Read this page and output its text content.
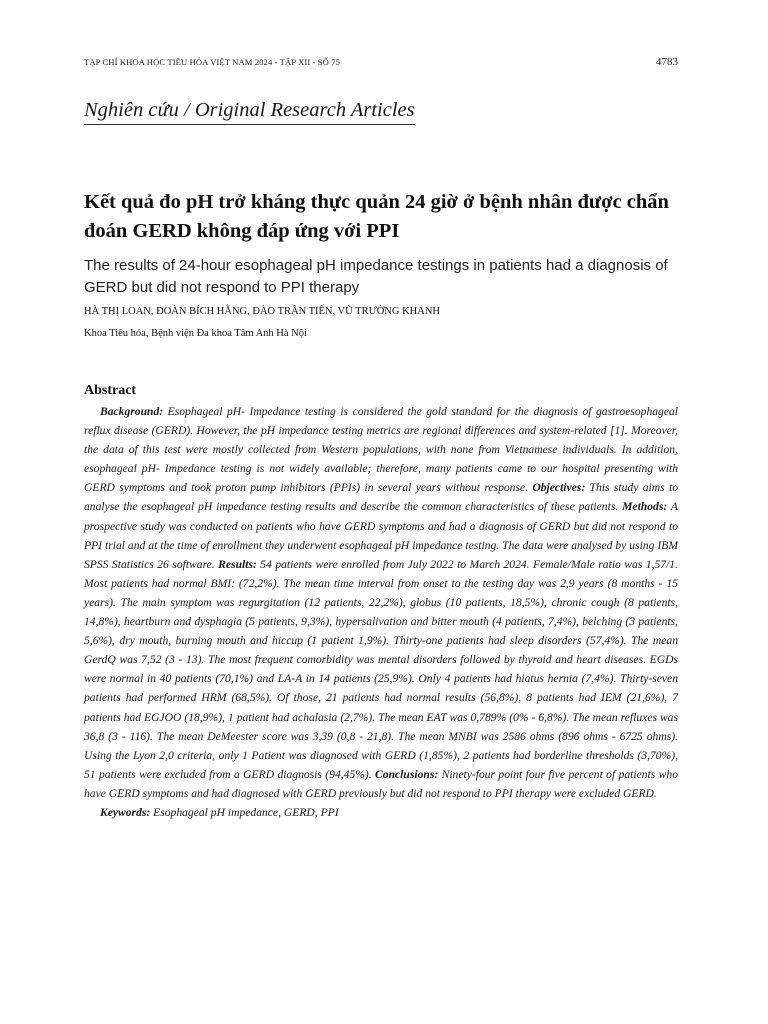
TẠP CHÍ KHOA HỌC TIÊU HÓA VIỆT NAM 2024 - TẬP XII - SỐ 75	4783
Nghiên cứu / Original Research Articles
Kết quả đo pH trở kháng thực quản 24 giờ ở bệnh nhân được chẩn đoán GERD không đáp ứng với PPI
The results of 24-hour esophageal pH impedance testings in patients had a diagnosis of GERD but did not respond to PPI therapy
HÀ THỊ LOAN, ĐOÀN BÍCH HẰNG, ĐÀO TRẦN TIẾN, VŨ TRƯỜNG KHANH
Khoa Tiêu hóa, Bệnh viện Đa khoa Tâm Anh Hà Nội
Abstract

Background: Esophageal pH- Impedance testing is considered the gold standard for the diagnosis of gastroesophageal reflux disease (GERD). However, the pH impedance testing metrics are regional differences and system-related [1]. Moreover, the data of this test were mostly collected from Western populations, with none from Vietnamese individuals. In addition, esophageal pH- Impedance testing is not widely available; therefore, many patients came to our hospital presenting with GERD symptoms and took proton pump inhibitors (PPIs) in several years without response. Objectives: This study aims to analyse the esophageal pH impedance testing results and describe the common characteristics of these patients. Methods: A prospective study was conducted on patients who have GERD symptoms and had a diagnosis of GERD but did not respond to PPI trial and at the time of enrollment they underwent esophageal pH impedance testing. The data were analysed by using IBM SPSS Statistics 26 software. Results: 54 patients were enrolled from July 2022 to March 2024. Female/Male ratio was 1,57/1. Most patients had normal BMI: (72,2%). The mean time interval from onset to the testing day was 2,9 years (8 months - 15 years). The main symptom was regurgitation (12 patients, 22,2%), globus (10 patients, 18,5%), chronic cough (8 patients, 14,8%), heartburn and dysphagia (5 patients, 9,3%), hypersalivation and bitter mouth (4 patients, 7,4%), belching (3 patients, 5,6%), dry mouth, burning mouth and hiccup (1 patient 1,9%). Thirty-one patients had sleep disorders (57,4%). The mean GerdQ was 7,52 (3 - 13). The most frequent comorbidity was mental disorders followed by thyroid and heart diseases. EGDs were normal in 40 patients (70,1%) and LA-A in 14 patients (25,9%). Only 4 patients had hiatus hernia (7,4%). Thirty-seven patients had performed HRM (68,5%). Of those, 21 patients had normal results (56,8%), 8 patients had IEM (21,6%), 7 patients had EGJOO (18,9%), 1 patient had achalasia (2,7%). The mean EAT was 0,789% (0% - 6,8%). The mean refluxes was 36,8 (3 - 116). The mean DeMeester score was 3,39 (0,8 - 21,8). The mean MNBI was 2586 ohms (896 ohms - 6725 ohms). Using the Lyon 2,0 criteria, only 1 Patient was diagnosed with GERD (1,85%), 2 patients had borderline thresholds (3,70%), 51 patients were excluded from a GERD diagnosis (94,45%). Conclusions: Ninety-four point four five percent of patients who have GERD symptoms and had diagnosed with GERD previously but did not respond to PPI therapy were excluded GERD.

Keywords: Esophageal pH impedance, GERD, PPI
